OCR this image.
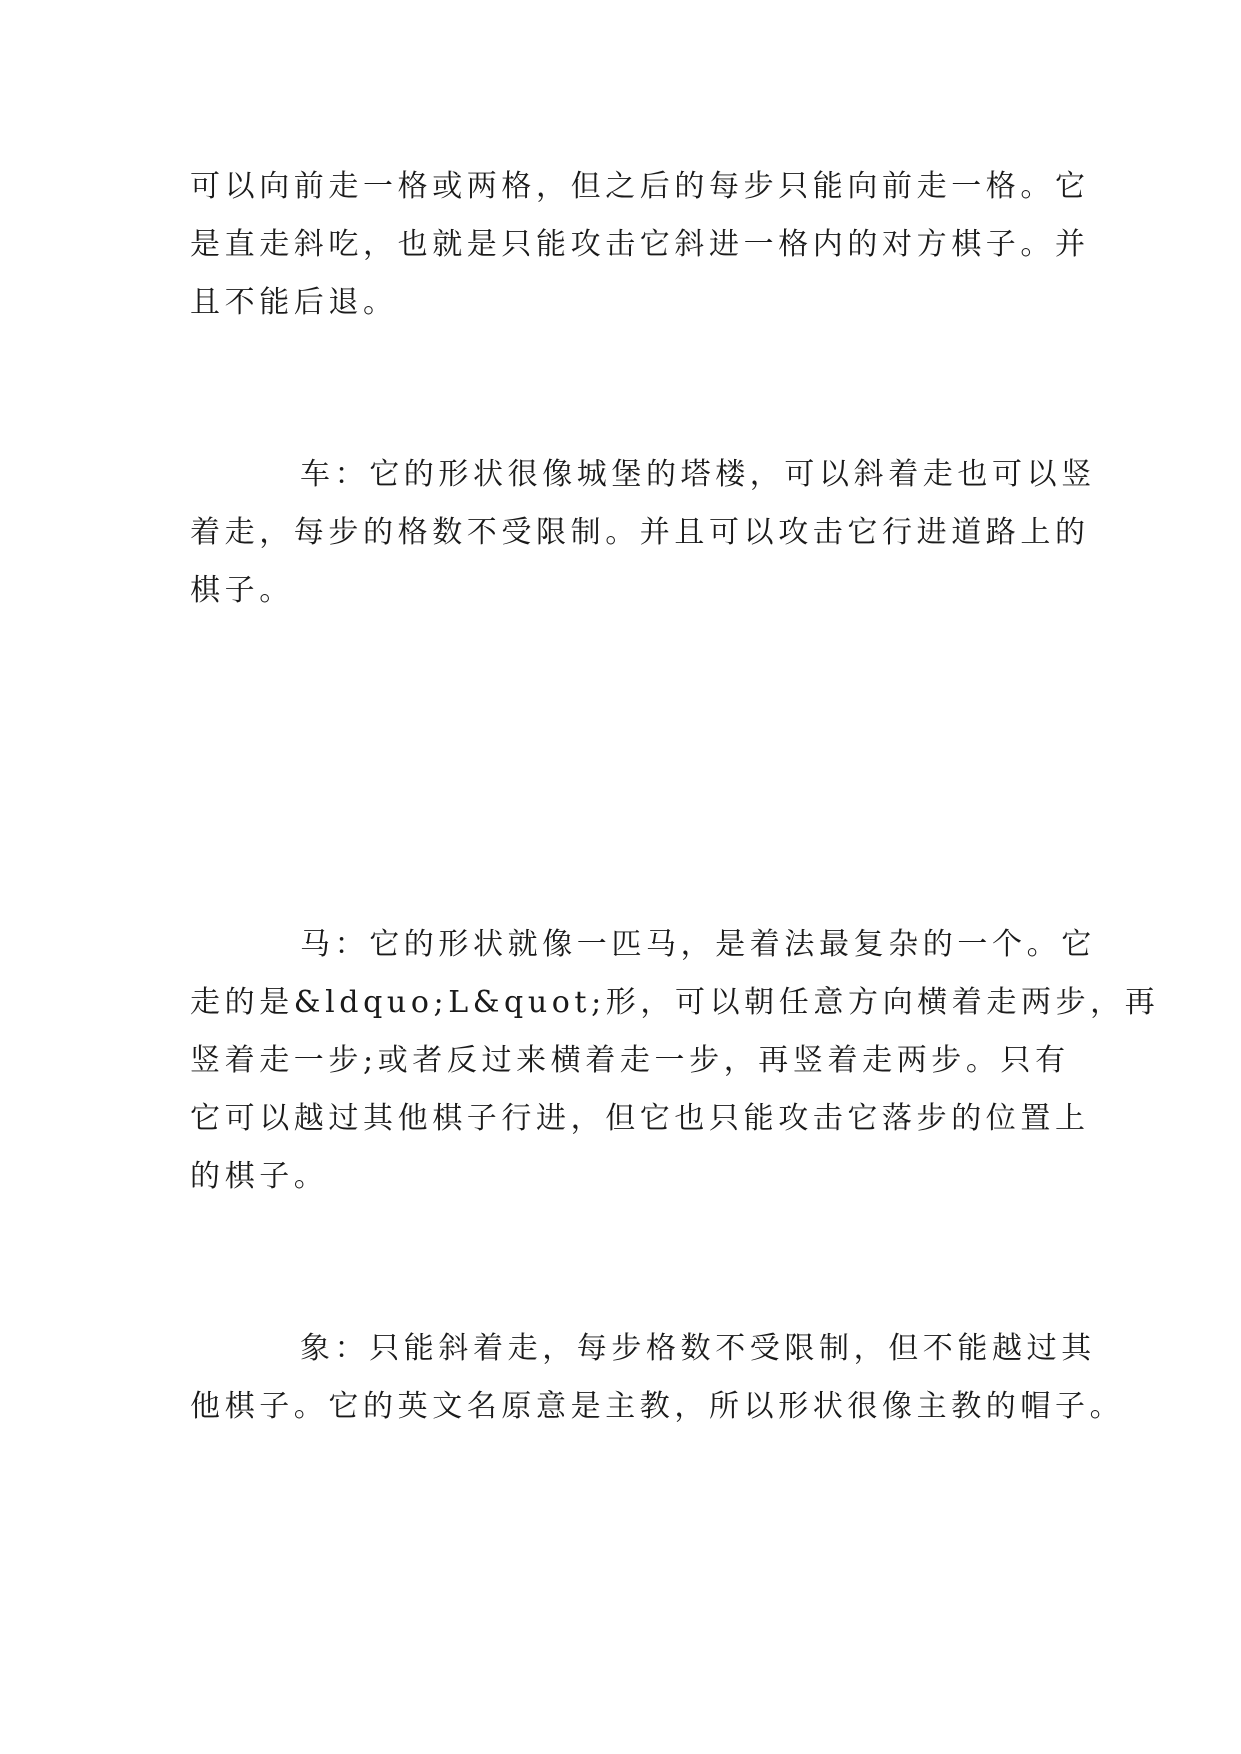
可以向前走一格或两格，但之后的每步只能向前走一格。它
是直走斜吃，也就是只能攻击它斜进一格内的对方棋子。并
且不能后退。
车：它的形状很像城堡的塔楼，可以斜着走也可以竖
着走，每步的格数不受限制。并且可以攻击它行进道路上的
棋子。
马：它的形状就像一匹马，是着法最复杂的一个。它
走的是&ldquo;L&quot;形，可以朝任意方向横着走两步，再
竖着走一步;或者反过来横着走一步，再竖着走两步。只有
它可以越过其他棋子行进，但它也只能攻击它落步的位置上
的棋子。
象：只能斜着走，每步格数不受限制，但不能越过其
他棋子。它的英文名原意是主教，所以形状很像主教的帽子。
